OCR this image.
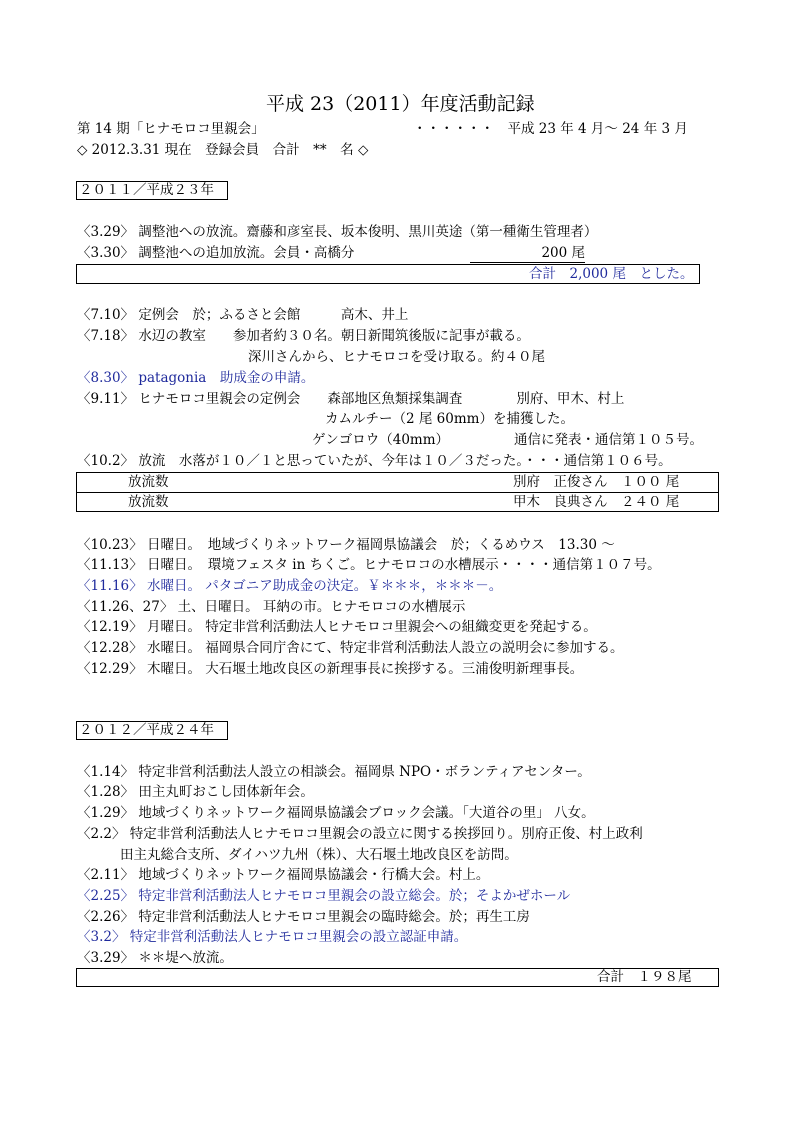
平成 23（2011）年度活動記録
第 14 期「ヒナモロコ里親会」	・・・・・・　平成 23 年 4 月～ 24 年 3 月
◇ 2012.3.31 現在　登録会員　合計　**　名 ◇
２０１１／平成２３年
〈3.29〉 調整池への放流。齋藤和彦室長、坂本俊明、黒川英途（第一種衛生管理者）
〈3.30〉 調整池への追加放流。会員・高橋分	200 尾
合計　2,000 尾　とした。
〈7.10〉 定例会　於；ふるさと会館　　　高木、井上
〈7.18〉 水辺の教室　　参加者約３０名。朝日新聞筑後版に記事が載る。
深川さんから、ヒナモロコを受け取る。約４０尾
〈8.30〉 patagonia　助成金の申請。
〈9.11〉 ヒナモロコ里親会の定例会　　森部地区魚類採集調査　　　　別府、甲木、村上
カムルチー（2 尾 60mm）を捕獲した。
ゲンゴロウ（40mm）	通信に発表・通信第１０５号。
〈10.2〉 放流　水落が１０／１と思っていたが、今年は１０／３だった。・・・通信第１０６号。
放流数	別府　正俊さん　１００ 尾
放流数	甲木　良典さん　２４０ 尾
〈10.23〉 日曜日。　地域づくりネットワーク福岡県協議会　於；くるめウス　13.30 ～
〈11.13〉 日曜日。　環境フェスタ in ちくご。ヒナモロコの水槽展示・・・・通信第１０７号。
〈11.16〉 水曜日。 パタゴニア助成金の決定。￥＊＊＊，＊＊＊－。
〈11.26、27〉 土、日曜日。 耳納の市。ヒナモロコの水槽展示
〈12.19〉 月曜日。 特定非営利活動法人ヒナモロコ里親会への組織変更を発起する。
〈12.28〉 水曜日。 福岡県合同庁舎にて、特定非営利活動法人設立の説明会に参加する。
〈12.29〉 木曜日。 大石堰土地改良区の新理事長に挨拶する。三浦俊明新理事長。
２０１２／平成２４年
〈1.14〉 特定非営利活動法人設立の相談会。福岡県 NPO・ボランティアセンター。
〈1.28〉 田主丸町おこし団体新年会。
〈1.29〉 地域づくりネットワーク福岡県協議会ブロック会議。「大道谷の里」 八女。
〈2.2〉 特定非営利活動法人ヒナモロコ里親会の設立に関する挨拶回り。別府正俊、村上政利
田主丸総合支所、ダイハツ九州（株）、大石堰土地改良区を訪問。
〈2.11〉 地域づくりネットワーク福岡県協議会・行橋大会。村上。
〈2.25〉 特定非営利活動法人ヒナモロコ里親会の設立総会。於；そよかぜホール
〈2.26〉 特定非営利活動法人ヒナモロコ里親会の臨時総会。於；再生工房
〈3.2〉 特定非営利活動法人ヒナモロコ里親会の設立認証申請。
〈3.29〉 ＊＊堤へ放流。
合計　１９８尾
